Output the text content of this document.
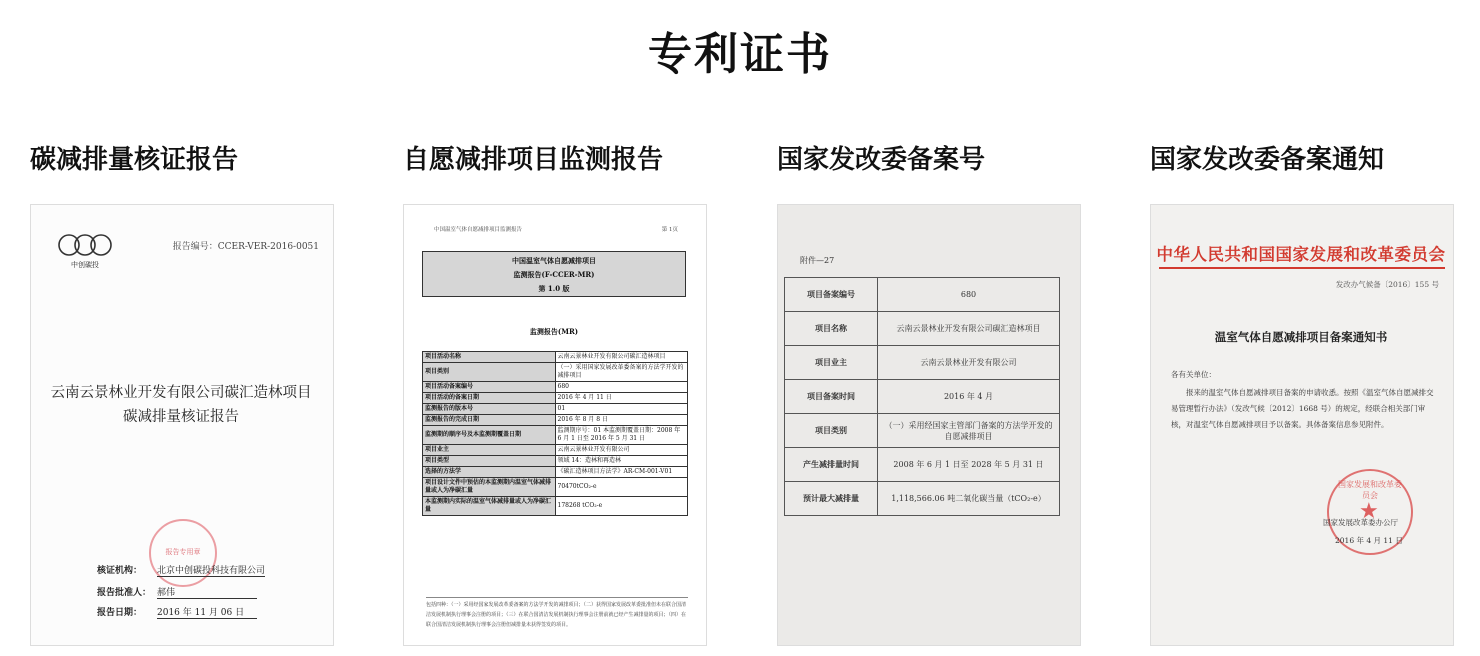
专利证书
碳减排量核证报告
中创碳投
报告编号：CCER-VER-2016-0051
云南云景林业开发有限公司碳汇造林项目
碳减排量核证报告
报告专用章
核证机构： 北京中创碳投科技有限公司
报告批准人： 郝伟
报告日期： 2016 年 11 月 06 日
自愿减排项目监测报告
中国温室气体自愿减排项目监测报告	第 1页
中国温室气体自愿减排项目
监测报告(F-CCER-MR)
第 1.0 版
监测报告(MR)
项目活动名称	云南云景林业开发有限公司碳汇造林项目
项目类别	（一）采用国家发展改革委备案的方法学开发的减排项目
项目活动备案编号	680
项目活动的备案日期	2016 年 4 月 11 日
监测报告的版本号	01
监测报告的完成日期	2016 年 8 月 8 日
监测期的顺序号及本监测期覆盖日期	监测期序号：01 本监测期覆盖日期：2008 年 6 月 1 日至 2016 年 5 月 31 日
项目业主	云南云景林业开发有限公司
项目类型	领域 14：造林和再造林
选择的方法学	《碳汇造林项目方法学》AR-CM-001-V01
项目设计文件中预估的本监测期内温室气体减排量或人为净碳汇量	70470tCO₂-e
本监测期内实际的温室气体减排量或人为净碳汇量	178268 tCO₂-e
包括四种：（一）采用经国家发展改革委备案的方法学开发的减排项目；（二）获得国家发展改革委批准但未在联合国清洁发展机制执行理事会注册的项目；（三）在联合国清洁发展机制执行理事会注册前就已经产生减排量的项目；（四）在联合国清洁发展机制执行理事会注册但减排量未获得签发的项目。
国家发改委备案号
附件—27
项目备案编号	680
项目名称	云南云景林业开发有限公司碳汇造林项目
项目业主	云南云景林业开发有限公司
项目备案时间	2016 年 4 月
项目类别	（一）采用经国家主管部门备案的方法学开发的自愿减排项目
产生减排量时间	2008 年 6 月 1 日至 2028 年 5 月 31 日
预计最大减排量	1,118,566.06 吨二氧化碳当量（tCO₂-e）
国家发改委备案通知
中华人民共和国国家发展和改革委员会
发改办气候备〔2016〕155 号
温室气体自愿减排项目备案通知书
各有关单位：
报来的温室气体自愿减排项目备案的申请收悉。按照《温室气体自愿减排交易管理暂行办法》（发改气候〔2012〕1668 号）的规定，经联合相关部门审核，对温室气体自愿减排项目予以备案。具体备案信息参见附件。
国家发展和改革委员会
★
国家发展改革委办公厅
2016 年 4 月 11 日
